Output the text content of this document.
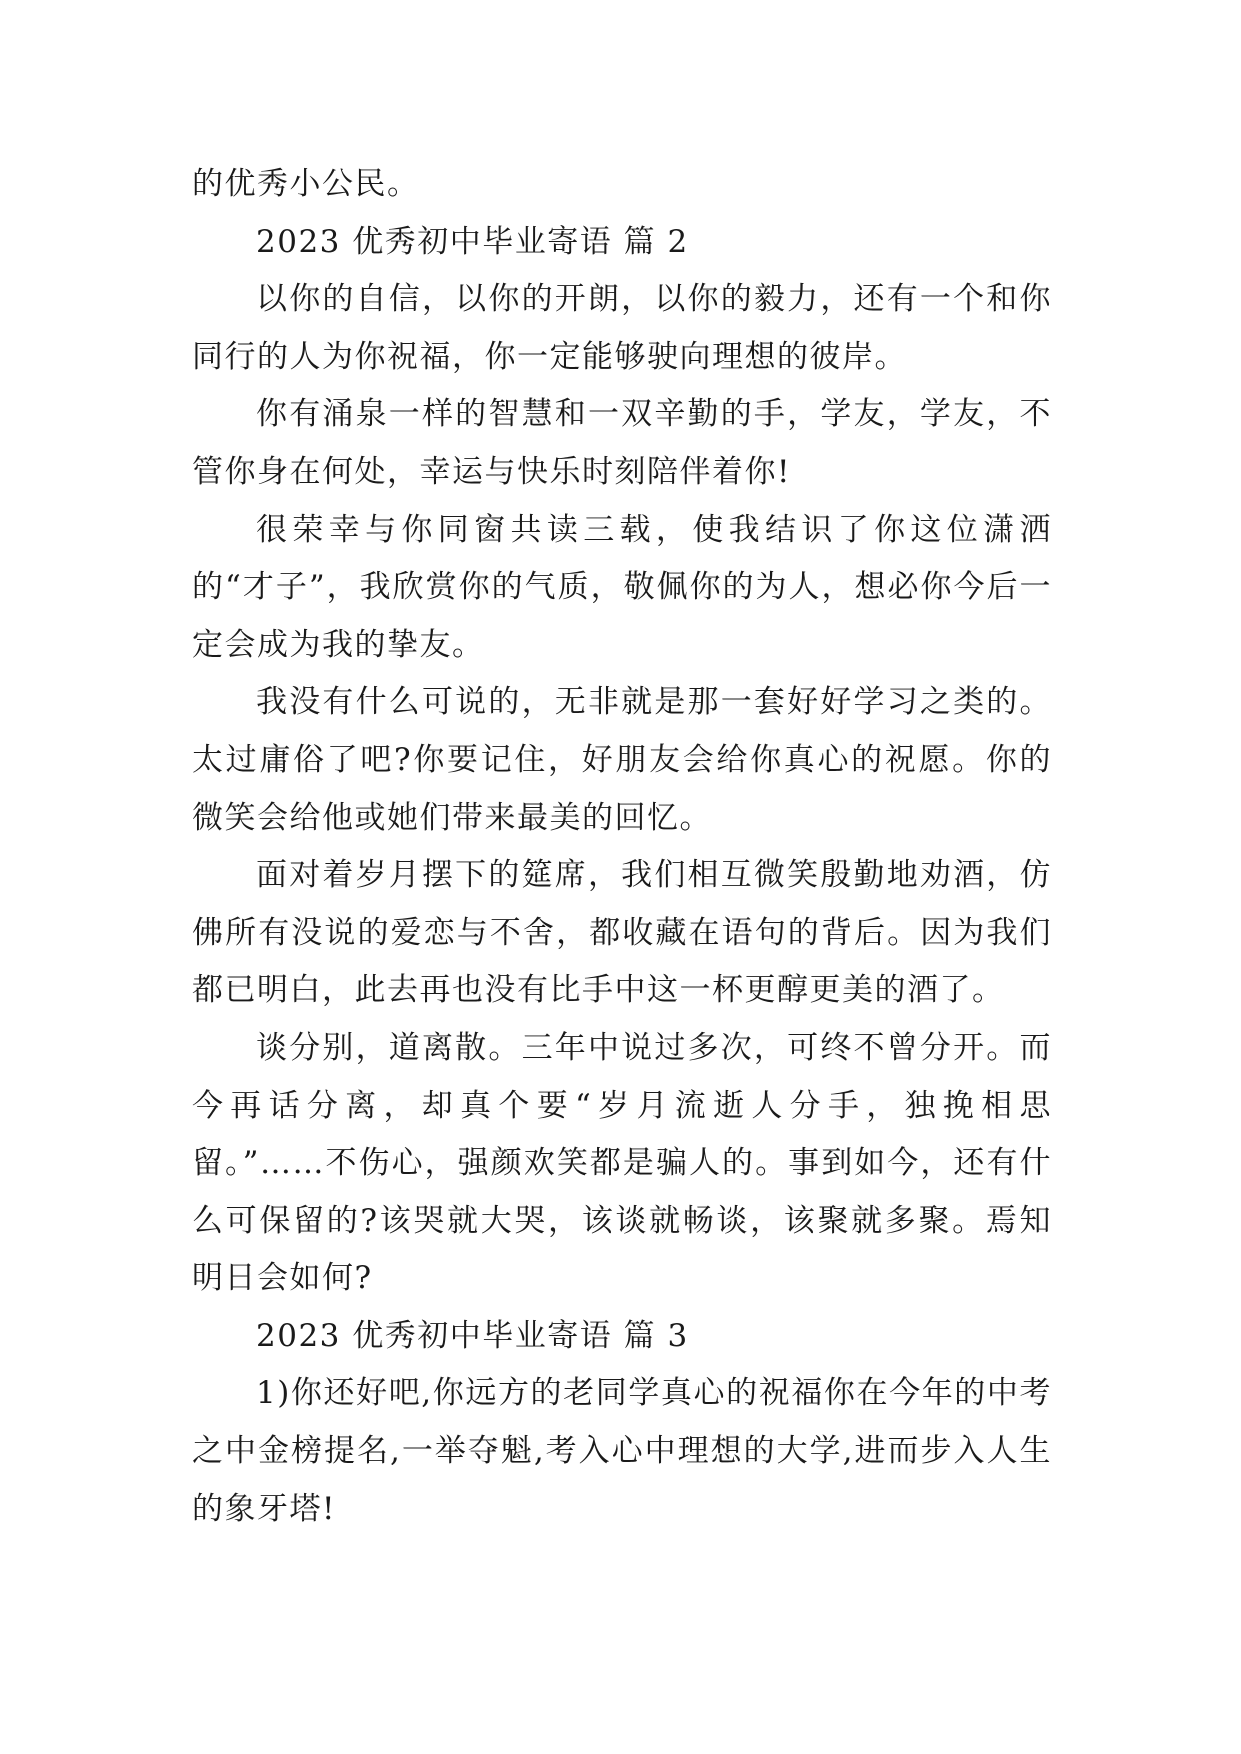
的优秀小公民。

2023 优秀初中毕业寄语 篇 2

以你的自信，以你的开朗，以你的毅力，还有一个和你同行的人为你祝福，你一定能够驶向理想的彼岸。

你有涌泉一样的智慧和一双辛勤的手，学友，学友，不管你身在何处，幸运与快乐时刻陪伴着你!

很荣幸与你同窗共读三载，使我结识了你这位潇洒的“才子”，我欣赏你的气质，敬佩你的为人，想必你今后一定会成为我的挚友。

我没有什么可说的，无非就是那一套好好学习之类的。太过庸俗了吧?你要记住，好朋友会给你真心的祝愿。你的微笑会给他或她们带来最美的回忆。

面对着岁月摆下的筵席，我们相互微笑殷勤地劝酒，仿佛所有没说的爱恋与不舍，都收藏在语句的背后。因为我们都已明白，此去再也没有比手中这一杯更醇更美的酒了。

谈分别，道离散。三年中说过多次，可终不曾分开。而今再话分离，却真个要“岁月流逝人分手，独挽相思留。”……不伤心，强颜欢笑都是骗人的。事到如今，还有什么可保留的?该哭就大哭，该谈就畅谈，该聚就多聚。焉知明日会如何?

2023 优秀初中毕业寄语 篇 3

1)你还好吧,你远方的老同学真心的祝福你在今年的中考之中金榜提名,一举夺魁,考入心中理想的大学,进而步入人生的象牙塔!
